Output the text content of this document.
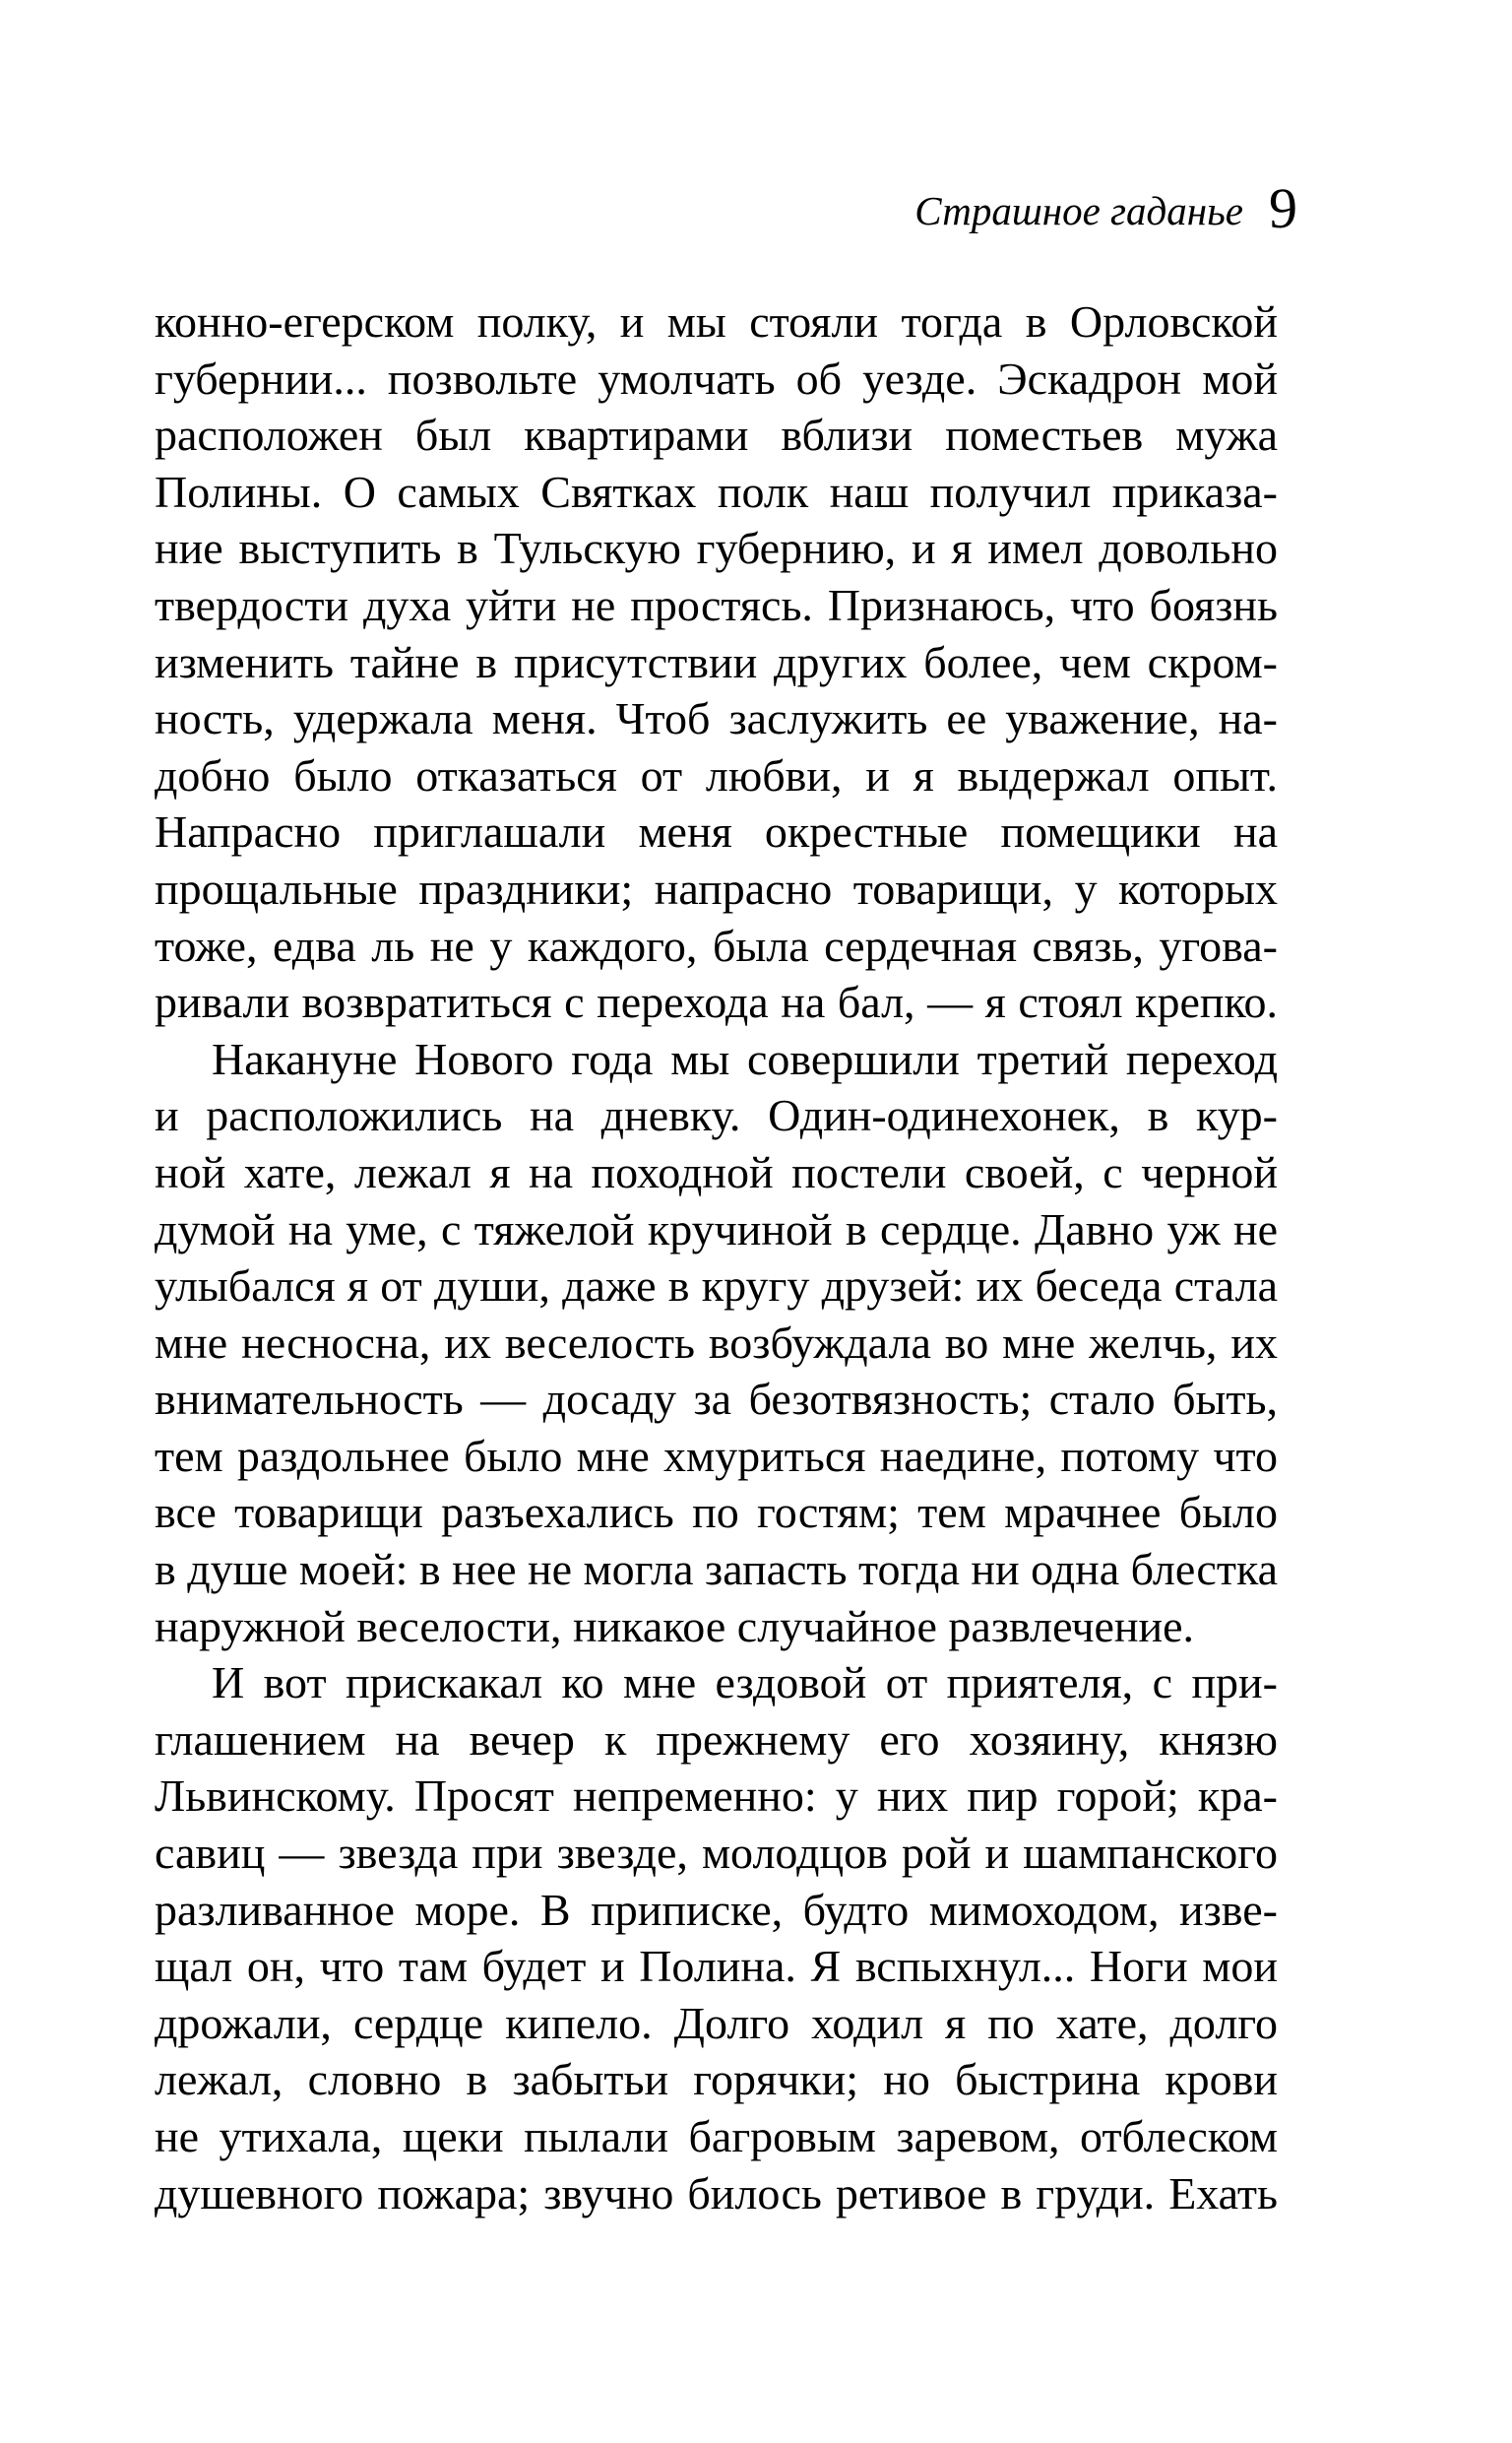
Страшное гаданье 9
конно-егерском полку, и мы стояли тогда в Орловской
губернии... позвольте умолчать об уезде. Эскадрон мой
расположен был квартирами вблизи поместьев мужа
Полины. О самых Святках полк наш получил приказа-
ние выступить в Тульскую губернию, и я имел довольно
твердости духа уйти не простясь. Признаюсь, что боязнь
изменить тайне в присутствии других более, чем скром-
ность, удержала меня. Чтоб заслужить ее уважение, на-
добно было отказаться от любви, и я выдержал опыт.
Напрасно приглашали меня окрестные помещики на
прощальные праздники; напрасно товарищи, у которых
тоже, едва ль не у каждого, была сердечная связь, угова-
ривали возвратиться с перехода на бал, — я стоял крепко.
Накануне Нового года мы совершили третий переход
и расположились на дневку. Один-одинехонек, в кур-
ной хате, лежал я на походной постели своей, с черной
думой на уме, с тяжелой кручиной в сердце. Давно уж не
улыбался я от души, даже в кругу друзей: их беседа стала
мне несносна, их веселость возбуждала во мне желчь, их
внимательность — досаду за безотвязность; стало быть,
тем раздольнее было мне хмуриться наедине, потому что
все товарищи разъехались по гостям; тем мрачнее было
в душе моей: в нее не могла запасть тогда ни одна блестка
наружной веселости, никакое случайное развлечение.
И вот прискакал ко мне ездовой от приятеля, с при-
глашением на вечер к прежнему его хозяину, князю
Львинскому. Просят непременно: у них пир горой; кра-
савиц — звезда при звезде, молодцов рой и шампанского
разливанное море. В приписке, будто мимоходом, изве-
щал он, что там будет и Полина. Я вспыхнул... Ноги мои
дрожали, сердце кипело. Долго ходил я по хате, долго
лежал, словно в забытьи горячки; но быстрина крови
не утихала, щеки пылали багровым заревом, отблеском
душевного пожара; звучно билось ретивое в груди. Ехать
